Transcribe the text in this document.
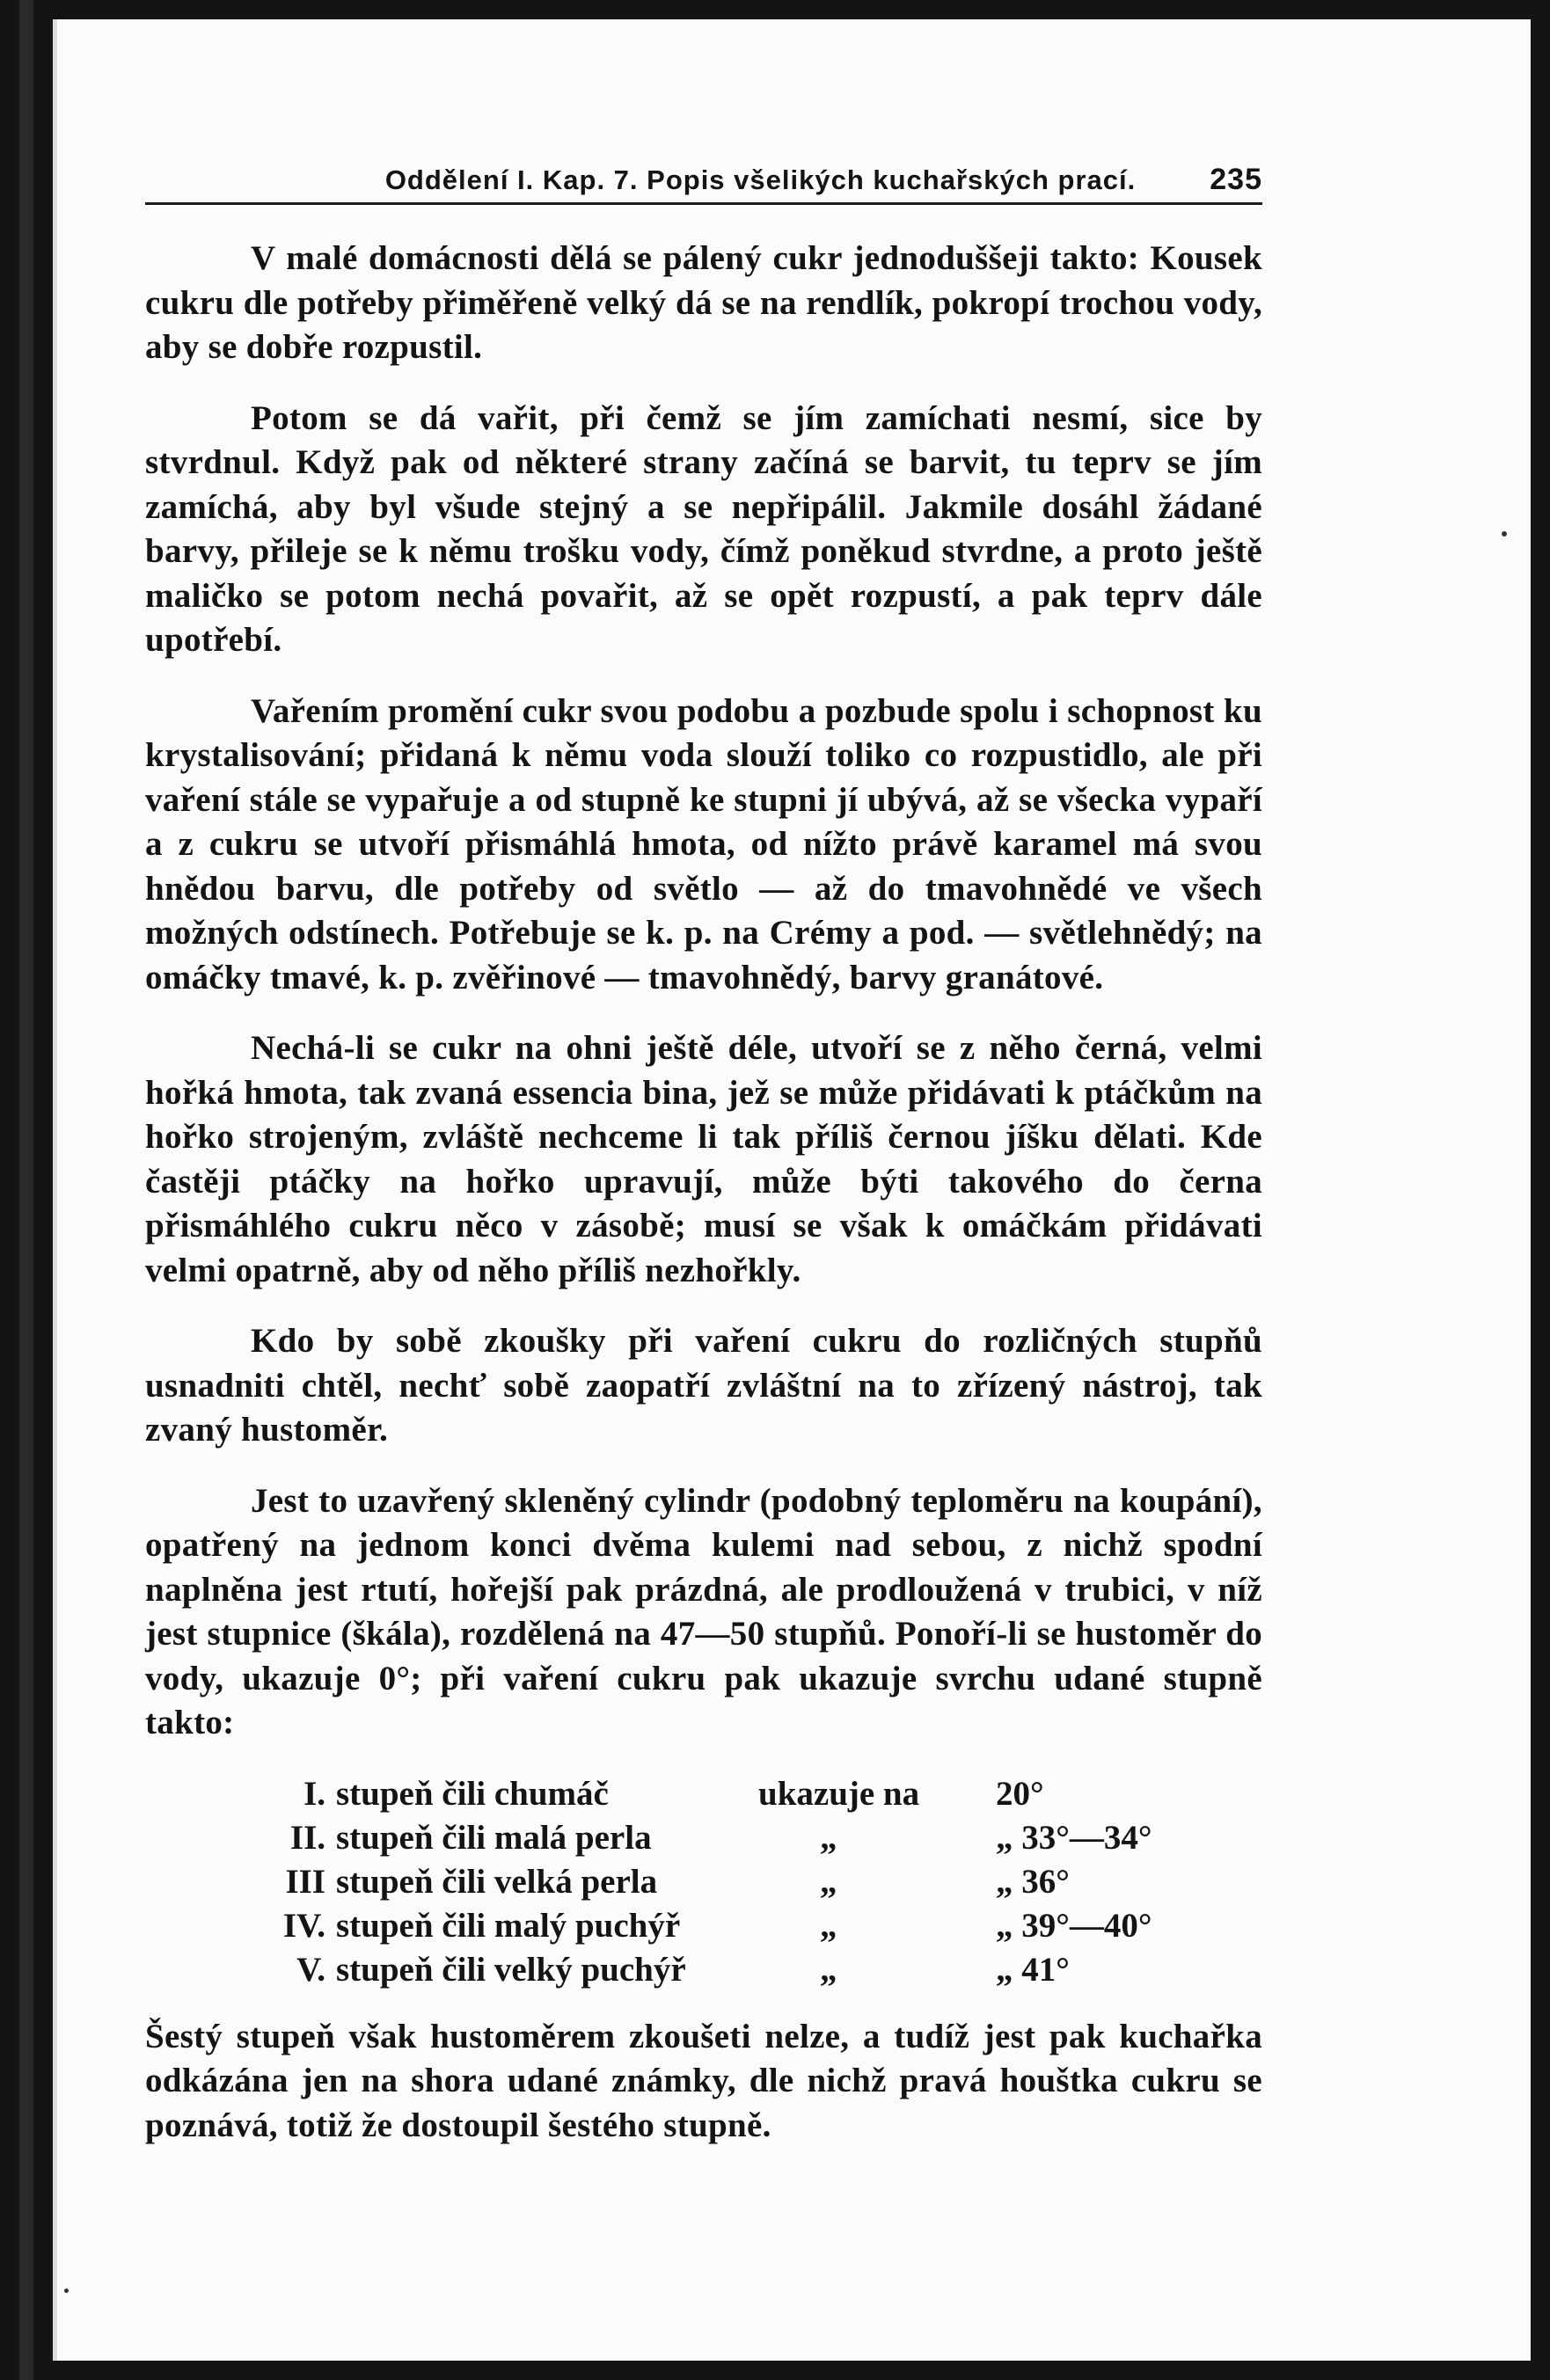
Oddělení I. Kap. 7. Popis všelikých kuchařských prací. 235

V malé domácnosti dělá se pálený cukr jednoduššeji takto: Kousek cukru dle potřeby přiměřeně velký dá se na rendlík, pokropí trochou vody, aby se dobře rozpustil.

Potom se dá vařit, při čemž se jím zamíchati nesmí, sice by stvrdnul. Když pak od některé strany začíná se barvit, tu teprv se jím zamíchá, aby byl všude stejný a se nepřipálil. Jakmile dosáhl žádané barvy, přileje se k němu trošku vody, čímž poněkud stvrdne, a proto ještě maličko se potom nechá povařit, až se opět rozpustí, a pak teprv dále upotřebí.

Vařením promění cukr svou podobu a pozbude spolu i schopnost ku krystalisování; přidaná k němu voda slouží toliko co rozpustidlo, ale při vaření stále se vypařuje a od stupně ke stupni jí ubývá, až se všecka vypaří a z cukru se utvoří přismáhlá hmota, od nížto právě karamel má svou hnědou barvu, dle potřeby od světlo — až do tmavohnědé ve všech možných odstínech. Potřebuje se k. p. na Crémy a pod. — světlehnědý; na omáčky tmavé, k. p. zvěřinové — tmavohnědý, barvy granátové.

Nechá-li se cukr na ohni ještě déle, utvoří se z něho černá, velmi hořká hmota, tak zvaná essencia bina, jež se může přidávati k ptáčkům na hořko strojeným, zvláště nechceme li tak příliš černou jíšku dělati. Kde častěji ptáčky na hořko upravují, může býti takového do černa přismáhlého cukru něco v zásobě; musí se však k omáčkám přidávati velmi opatrně, aby od něho příliš nezhořkly.

Kdo by sobě zkoušky při vaření cukru do rozličných stupňů usnadniti chtěl, nechť sobě zaopatří zvláštní na to zřízený nástroj, tak zvaný hustoměr.

Jest to uzavřený skleněný cylindr (podobný teploměru na koupání), opatřený na jednom konci dvěma kulemi nad sebou, z nichž spodní naplněna jest rtutí, hořejší pak prázdná, ale prodloužená v trubici, v níž jest stupnice (škála), rozdělená na 47—50 stupňů. Ponoří-li se hustoměr do vody, ukazuje 0°; při vaření cukru pak ukazuje svrchu udané stupně takto:

I.	stupeň čili chumáč	ukazuje na	20°
II.	stupeň čili malá perla	„	„ 33°—34°
III	stupeň čili velká perla	„	„ 36°
IV.	stupeň čili malý puchýř	„	„ 39°—40°
V.	stupeň čili velký puchýř	„	„ 41°

Šestý stupeň však hustoměrem zkoušeti nelze, a tudíž jest pak kuchařka odkázána jen na shora udané známky, dle nichž pravá houštka cukru se poznává, totiž že dostoupil šestého stupně.
